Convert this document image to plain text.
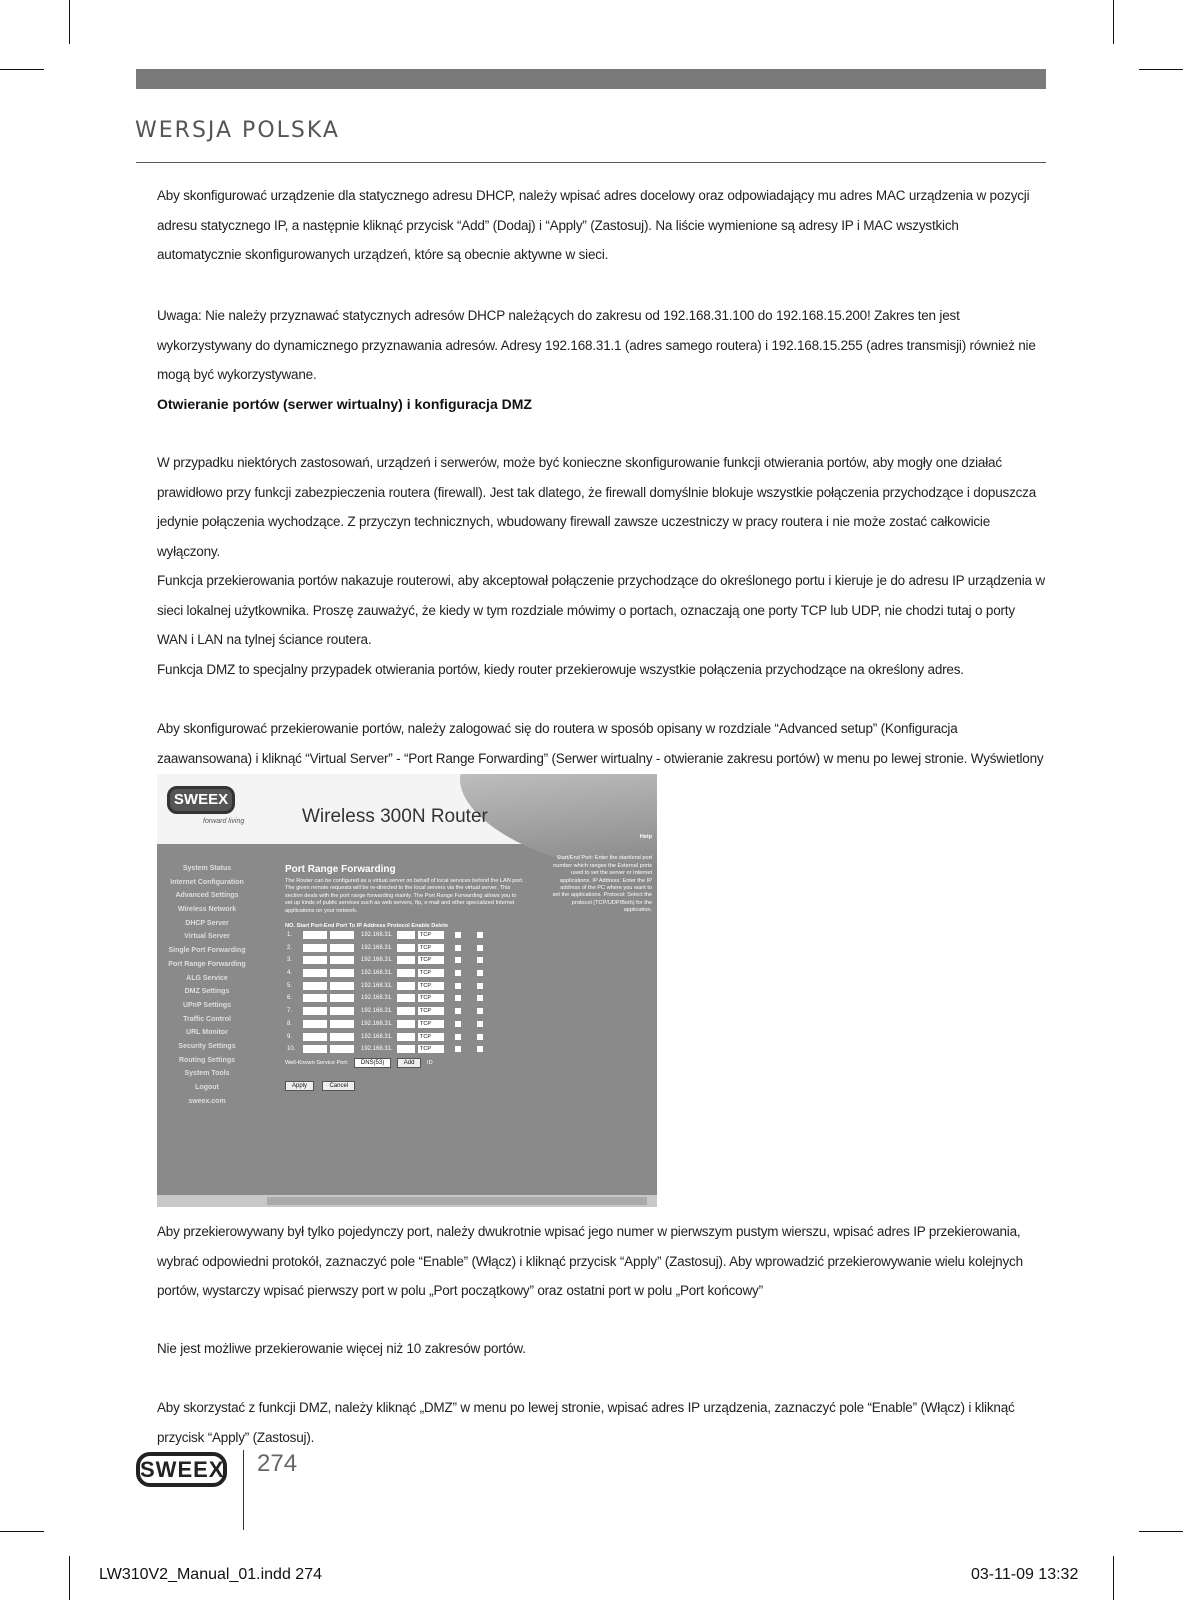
WERSJA POLSKA
Aby skonfigurować urządzenie dla statycznego adresu DHCP, należy wpisać adres docelowy oraz odpowiadający mu adres MAC urządzenia w pozycji adresu statycznego IP, a następnie kliknąć przycisk “Add” (Dodaj) i “Apply” (Zastosuj). Na liście wymienione są adresy IP i MAC wszystkich automatycznie skonfigurowanych urządzeń, które są obecnie aktywne w sieci.
Uwaga: Nie należy przyznawać statycznych adresów DHCP należących do zakresu od 192.168.31.100 do 192.168.15.200! Zakres ten jest wykorzystywany do dynamicznego przyznawania adresów. Adresy 192.168.31.1 (adres samego routera) i 192.168.15.255 (adres transmisji) również nie mogą być wykorzystywane.
Otwieranie portów (serwer wirtualny) i konfiguracja DMZ
W przypadku niektórych zastosowań, urządzeń i serwerów, może być konieczne skonfigurowanie funkcji otwierania portów, aby mogły one działać prawidłowo przy funkcji zabezpieczenia routera (firewall). Jest tak dlatego, że firewall domyślnie blokuje wszystkie połączenia przychodzące i dopuszcza jedynie połączenia wychodzące. Z przyczyn technicznych, wbudowany firewall zawsze uczestniczy w pracy routera i nie może zostać całkowicie wyłączony.
Funkcja przekierowania portów nakazuje routerowi, aby akceptował połączenie przychodzące do określonego portu i kieruje je do adresu IP urządzenia w sieci lokalnej użytkownika. Proszę zauważyć, że kiedy w tym rozdziale mówimy o portach, oznaczają one porty TCP lub UDP, nie chodzi tutaj o porty WAN i LAN na tylnej ściance routera.
Funkcja DMZ to specjalny przypadek otwierania portów, kiedy router przekierowuje wszystkie połączenia przychodzące na określony adres.
Aby skonfigurować przekierowanie portów, należy zalogować się do routera w sposób opisany w rozdziale “Advanced setup” (Konfiguracja zaawansowana) i kliknąć “Virtual Server” - “Port Range Forwarding” (Serwer wirtualny - otwieranie zakresu portów) w menu po lewej stronie. Wyświetlony
SWEEX
forward living	Wireless 300N Router
System Status
Internet Configuration
Advanced Settings
Wireless Network
DHCP Server
Virtual Server
Single Port Forwarding
Port Range Forwarding
ALG Service
DMZ Settings
UPnP Settings
Traffic Control
URL Monitor
Security Settings
Routing Settings
System Tools
Logout
sweex.com
Port Range Forwarding
The Router can be configured as a virtual server on behalf of local services behind the LAN port. The given remote requests will be re-directed to the local servers via the virtual server. This section deals with the port range forwarding mainly. The Port Range Forwarding allows you to set up kinds of public services such as web servers, ftp, e-mail and other specialized Internet applications on your network.
NO. Start Port-End Port To IP Address Protocol Enable Delete
1.	192.168.31.	TCP
2.	192.168.31.	TCP
3.	192.168.31.	TCP
4.	192.168.31.	TCP
5.	192.168.31.	TCP
6.	192.168.31.	TCP
7.	192.168.31.	TCP
8.	192.168.31.	TCP
9.	192.168.31.	TCP
10.	192.168.31.	TCP
Well-Known Service Port: DNS(53)	Add ID
Apply	Cancel
Help
Start/End Port: Enter the start/end port number which ranges the External ports used to set the server or Internet applications. IP Address: Enter the IP address of the PC where you want to set the applications. Protocol: Select the protocol (TCP/UDP/Both) for the application.
Aby przekierowywany był tylko pojedynczy port, należy dwukrotnie wpisać jego numer w pierwszym pustym wierszu, wpisać adres IP przekierowania, wybrać odpowiedni protokół, zaznaczyć pole “Enable” (Włącz) i kliknąć przycisk “Apply” (Zastosuj). Aby wprowadzić przekierowywanie wielu kolejnych portów, wystarczy wpisać pierwszy port w polu „Port początkowy” oraz ostatni port w polu „Port końcowy”
Nie jest możliwe przekierowanie więcej niż 10 zakresów portów.
Aby skorzystać z funkcji DMZ, należy kliknąć „DMZ” w menu po lewej stronie, wpisać adres IP urządzenia, zaznaczyć pole “Enable” (Włącz) i kliknąć przycisk “Apply” (Zastosuj).
SWEEX 274
LW310V2_Manual_01.indd 274	03-11-09 13:32
